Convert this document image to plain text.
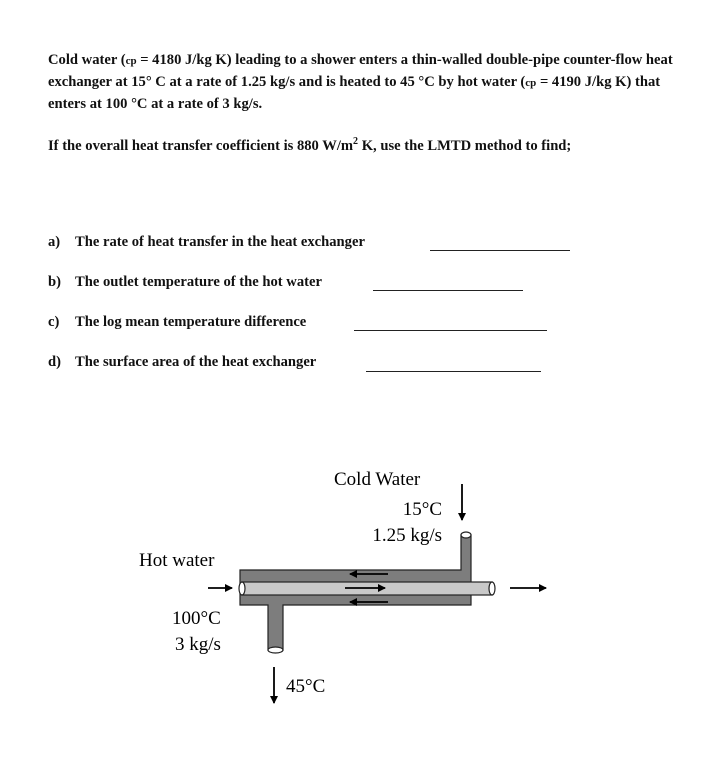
Cold water (cp = 4180 J/kg K) leading to a shower enters a thin-walled double-pipe counter-flow heat exchanger at 15° C at a rate of 1.25 kg/s and is heated to 45 °C by hot water (cp = 4190 J/kg K) that enters at 100 °C at a rate of 3 kg/s.

If the overall heat transfer coefficient is 880 $W/m^2$ K, use the LMTD method to find;

a) The rate of heat transfer in the heat exchanger
b) The outlet temperature of the hot water
c) The log mean temperature difference
d) The surface area of the heat exchanger
Cold Water
15°C
1.25 kg/s
Hot water
100°C
3 kg/s
45°C
